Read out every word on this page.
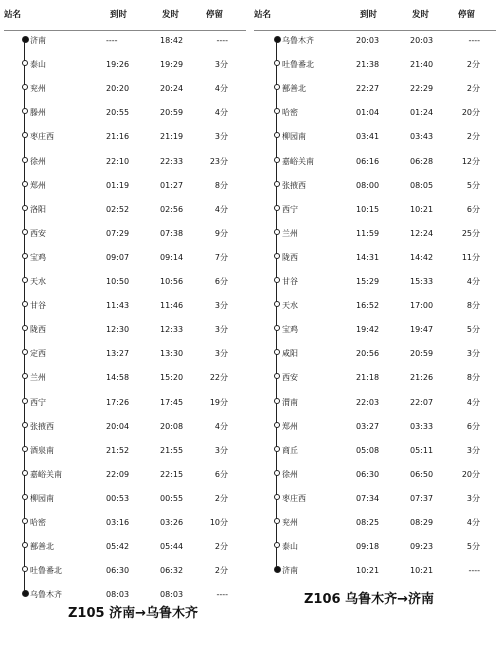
站名	到时	发时	停留
济南	----	18:42	----
泰山	19:26	19:29	3分
兖州	20:20	20:24	4分
滕州	20:55	20:59	4分
枣庄西	21:16	21:19	3分
徐州	22:10	22:33	23分
郑州	01:19	01:27	8分
洛阳	02:52	02:56	4分
西安	07:29	07:38	9分
宝鸡	09:07	09:14	7分
天水	10:50	10:56	6分
甘谷	11:43	11:46	3分
陇西	12:30	12:33	3分
定西	13:27	13:30	3分
兰州	14:58	15:20	22分
西宁	17:26	17:45	19分
张掖西	20:04	20:08	4分
酒泉南	21:52	21:55	3分
嘉峪关南	22:09	22:15	6分
柳园南	00:53	00:55	2分
哈密	03:16	03:26	10分
鄯善北	05:42	05:44	2分
吐鲁番北	06:30	06:32	2分
乌鲁木齐	08:03	08:03	----
Z105 济南→乌鲁木齐
站名	到时	发时	停留
乌鲁木齐	20:03	20:03	----
吐鲁番北	21:38	21:40	2分
鄯善北	22:27	22:29	2分
哈密	01:04	01:24	20分
柳园南	03:41	03:43	2分
嘉峪关南	06:16	06:28	12分
张掖西	08:00	08:05	5分
西宁	10:15	10:21	6分
兰州	11:59	12:24	25分
陇西	14:31	14:42	11分
甘谷	15:29	15:33	4分
天水	16:52	17:00	8分
宝鸡	19:42	19:47	5分
咸阳	20:56	20:59	3分
西安	21:18	21:26	8分
渭南	22:03	22:07	4分
郑州	03:27	03:33	6分
商丘	05:08	05:11	3分
徐州	06:30	06:50	20分
枣庄西	07:34	07:37	3分
兖州	08:25	08:29	4分
泰山	09:18	09:23	5分
济南	10:21	10:21	----
Z106 乌鲁木齐→济南
